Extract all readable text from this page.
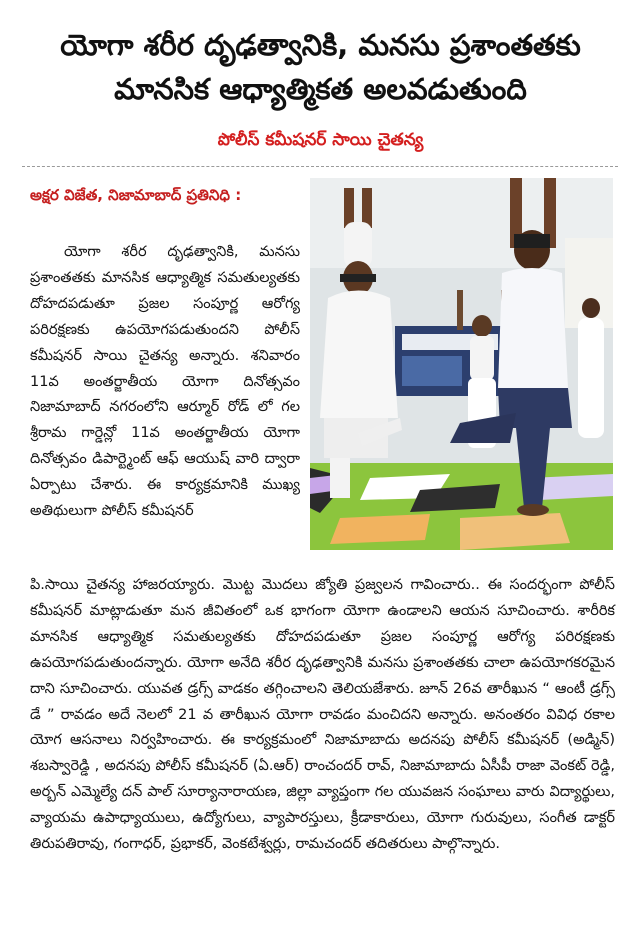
యోగా శరీర దృఢత్వానికి, మనసు ప్రశాంతతకు
మానసిక ఆధ్యాత్మికత అలవడుతుంది
పోలీస్ కమీషనర్ సాయి చైతన్య
అక్షర విజేత, నిజామాబాద్ ప్రతినిధి :

యోగా శరీర దృఢత్వానికి, మనసు ప్రశాంతతకు మానసిక ఆధ్యాత్మిక సమతుల్యతకు దోహదపడుతూ ప్రజల సంపూర్ణ ఆరోగ్య పరిరక్షణకు ఉపయోగపడుతుందని పోలీస్ కమీషనర్ సాయి చైతన్య అన్నారు. శనివారం 11వ అంతర్జాతీయ యోగా దినోత్సవం నిజామాబాద్ నగరంలోని ఆర్మూర్ రోడ్ లో గల శ్రీరామ గార్డెన్లో 11వ అంతర్జాతీయ యోగా దినోత్సవం డిపార్ట్మెంట్ ఆఫ్ ఆయుష్ వారి ద్వారా ఏర్పాటు చేశారు. ఈ కార్యక్రమానికి ముఖ్య అతిథులుగా పోలీస్ కమీషనర్

పి.సాయి చైతన్య హాజరయ్యారు. మొట్ట మొదలు జ్యోతి ప్రజ్వలన గావించారు.. ఈ సందర్భంగా పోలీస్ కమీషనర్ మాట్లాడుతూ మన జీవితంలో ఒక భాగంగా యోగా ఉండాలని ఆయన సూచించారు. శారీరిక మానసిక ఆధ్యాత్మిక సమతుల్యతకు దోహదపడుతూ ప్రజల సంపూర్ణ ఆరోగ్య పరిరక్షణకు ఉపయోగపడుతుందన్నారు. యోగా అనేది శరీర దృఢత్వానికి మనసు ప్రశాంతతకు చాలా ఉపయోగకరమైన దాని సూచించారు. యువత డ్రగ్స్ వాడకం తగ్గించాలని తెలియజేశారు. జూన్ 26వ తారీఖున “ ఆంటీ డ్రగ్స్ డే ” రావడం అదే నెలలో 21 వ తారీఖున యోగా రావడం మంచిదని అన్నారు. అనంతరం వివిధ రకాల యోగ ఆసనాలు నిర్వహించారు. ఈ కార్యక్రమంలో నిజామాబాదు అదనపు పోలీస్ కమీషనర్ (అడ్మిన్) శబస్వారెడ్డి , అదనపు పోలీస్ కమీషనర్ (ఏ.ఆర్) రాంచందర్ రావ్, నిజామాబాదు ఏసీపీ రాజా వెంకట్ రెడ్డి, అర్బన్ ఎమ్మెల్యే దన్ పాల్ సూర్యానారాయణ, జిల్లా వ్యాప్తంగా గల యువజన సంఘాలు వారు విద్యార్థులు, వ్యాయమ ఉపాధ్యాయులు, ఉద్యోగులు, వ్యాపారస్తులు, క్రీడాకారులు, యోగా గురువులు, సంగీత డాక్టర్ తిరుపతిరావు, గంగాధర్, ప్రభాకర్, వెంకటేశ్వర్లు, రామచందర్ తదితరులు పాల్గొన్నారు.
